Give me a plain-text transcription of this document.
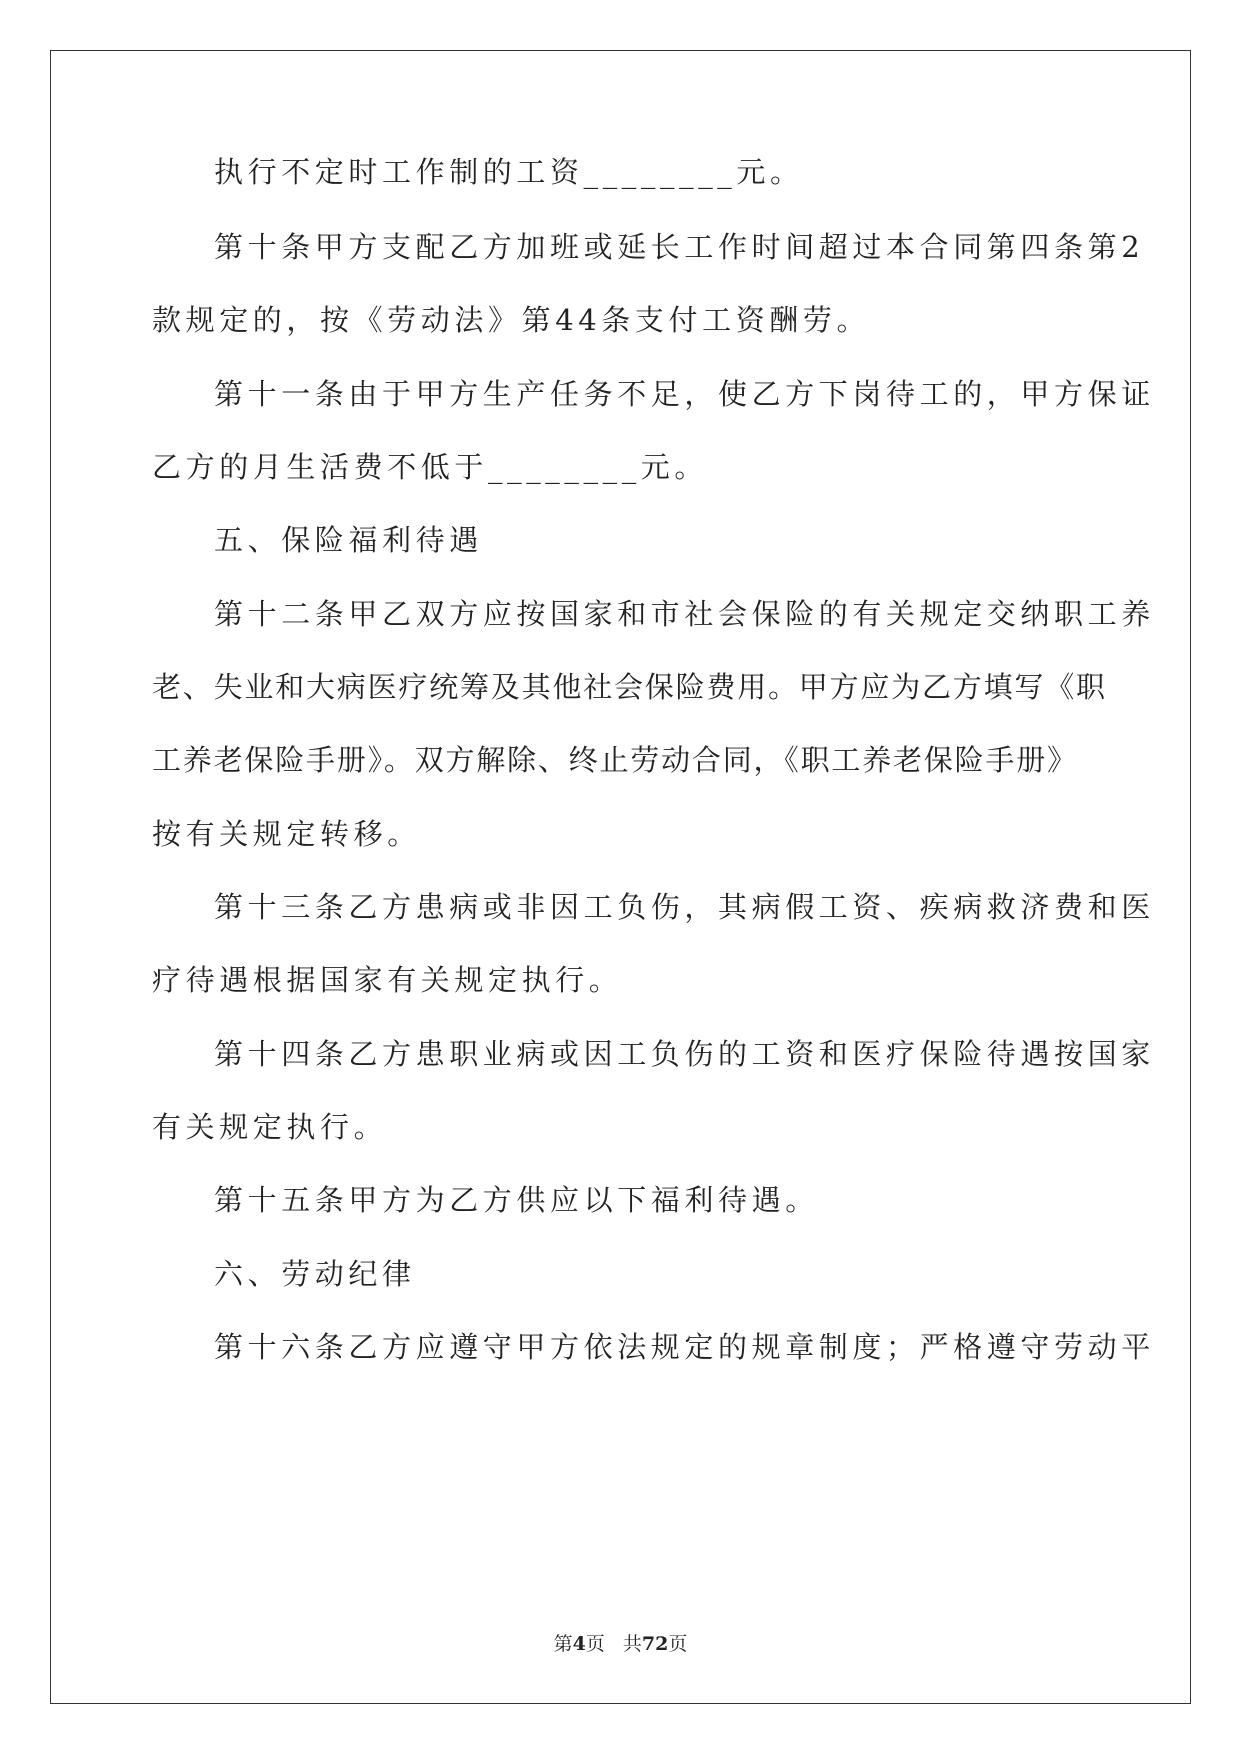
执行不定时工作制的工资________元。
第十条甲方支配乙方加班或延长工作时间超过本合同第四条第2
款规定的，按《劳动法》第44条支付工资酬劳。
第十一条由于甲方生产任务不足，使乙方下岗待工的，甲方保证
乙方的月生活费不低于________元。
五、保险福利待遇
第十二条甲乙双方应按国家和市社会保险的有关规定交纳职工养
老、失业和大病医疗统筹及其他社会保险费用。甲方应为乙方填写《职
工养老保险手册》。双方解除、终止劳动合同，《职工养老保险手册》
按有关规定转移。
第十三条乙方患病或非因工负伤，其病假工资、疾病救济费和医
疗待遇根据国家有关规定执行。
第十四条乙方患职业病或因工负伤的工资和医疗保险待遇按国家
有关规定执行。
第十五条甲方为乙方供应以下福利待遇。
六、劳动纪律
第十六条乙方应遵守甲方依法规定的规章制度；严格遵守劳动平
第4页 共72页
